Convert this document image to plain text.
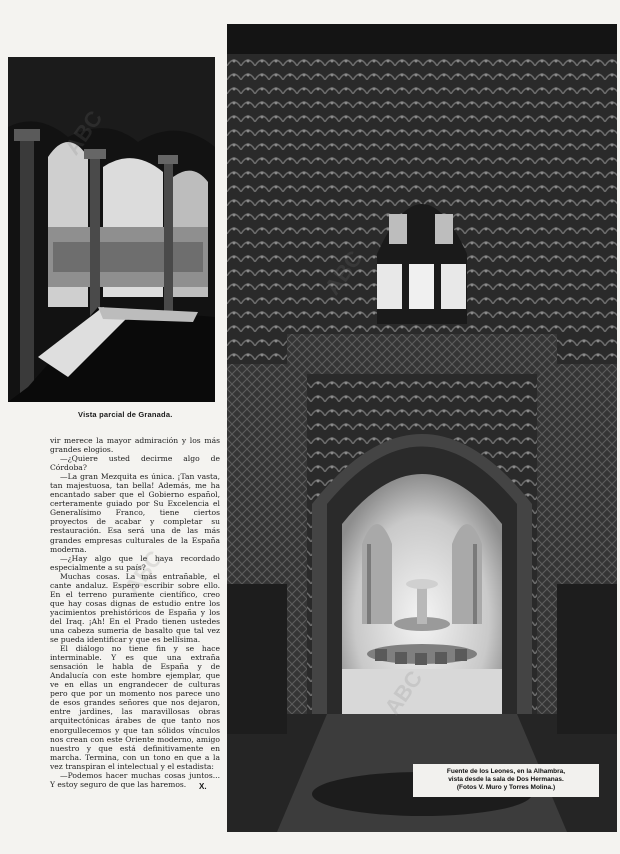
Vista parcial de Granada.

vir merece la mayor admiración y los más grandes elogios.

—¿Quiere usted decirme algo de Córdoba?

—La gran Mezquita es única. ¡Tan vasta, tan majestuosa, tan bella! Además, me ha encantado saber que el Gobierno español, certeramente guiado por Su Excelencia el Generalísimo Franco, tiene ciertos proyectos de acabar y completar su restauración. Esa será una de las más grandes empresas culturales de la España moderna.

—¿Hay algo que le haya recordado especialmente a su país?

Muchas cosas. La más entrañable, el cante andaluz. Espero escribir sobre ello. En el terreno puramente científico, creo que hay cosas dignas de estudio entre los yacimientos prehistóricos de España y los del Iraq. ¡Ah! En el Prado tienen ustedes una cabeza sumeria de basalto que tal vez se pueda identificar y que es bellísima.

El diálogo no tiene fin y se hace interminable. Y es que una extraña sensación le habla de España y de Andalucía con este hombre ejemplar, que ve en ellas un engrandecer de culturas pero que por un momento nos parece uno de esos grandes señores que nos dejaron, entre jardines, las maravillosas obras arquitectónicas árabes de que tanto nos enorgullecemos y que tan sólidos vínculos nos crean con este Oriente moderno, amigo nuestro y que está definitivamente en marcha. Termina, con un tono en que a la vez transpiran el intelectual y el estadista:

—Podemos hacer muchas cosas juntos... Y estoy seguro de que las haremos.	X.
Fuente de los Leones, en la Alhambra,
vista desde la sala de Dos Hermanas.
(Fotos V. Muro y Torres Molina.)
ABC
